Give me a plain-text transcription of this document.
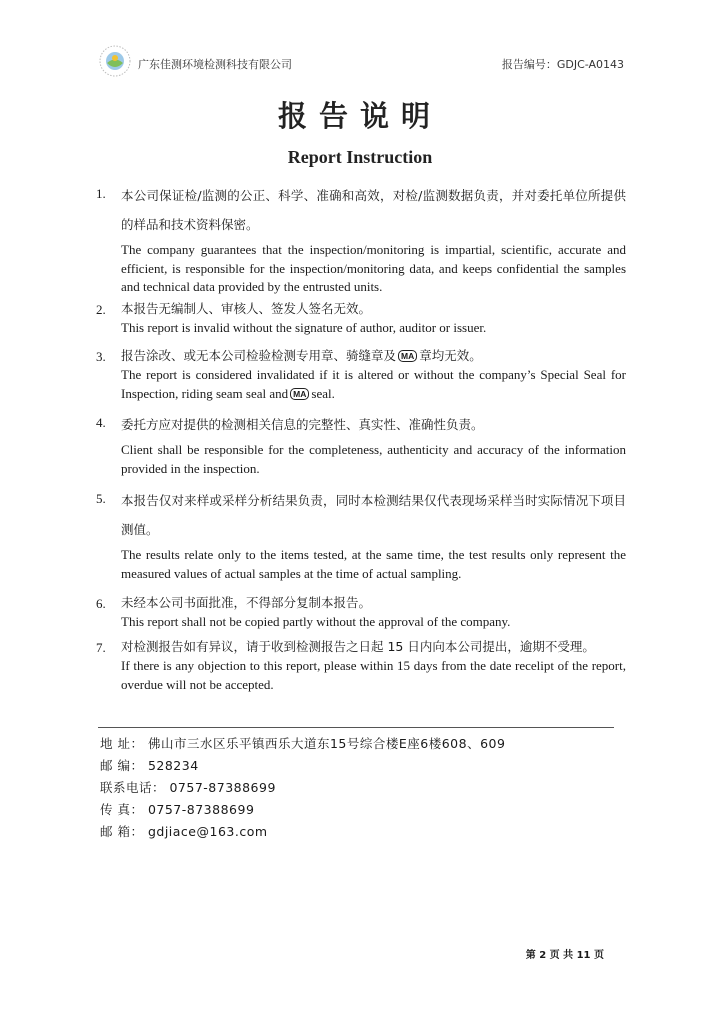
广东佳测环境检测科技有限公司	报告编号：GDJC-A0143
报告说明
Report Instruction
1. 本公司保证检/监测的公正、科学、准确和高效，对检/监测数据负责，并对委托单位所提供的样品和技术资料保密。
The company guarantees that the inspection/monitoring is impartial, scientific, accurate and efficient, is responsible for the inspection/monitoring data, and keeps confidential the samples and technical data provided by the entrusted units.
2. 本报告无编制人、审核人、签发人签名无效。
This report is invalid without the signature of author, auditor or issuer.
3. 报告涂改、或无本公司检验检测专用章、骑缝章及 MA 章均无效。
The report is considered invalidated if it is altered or without the company’s Special Seal for Inspection, riding seam seal and MA seal.
4. 委托方应对提供的检测相关信息的完整性、真实性、准确性负责。
Client shall be responsible for the completeness, authenticity and accuracy of the information provided in the inspection.
5. 本报告仅对来样或采样分析结果负责，同时本检测结果仅代表现场采样当时实际情况下项目测值。
The results relate only to the items tested, at the same time, the test results only represent the measured values of actual samples at the time of actual sampling.
6. 未经本公司书面批准，不得部分复制本报告。
This report shall not be copied partly without the approval of the company.
7. 对检测报告如有异议，请于收到检测报告之日起 15 日内向本公司提出，逾期不受理。
If there is any objection to this report, please within 15 days from the date recelipt of the report, overdue will not be accepted.
地 址： 佛山市三水区乐平镇西乐大道东15号综合楼E座6楼608、609
邮 编： 528234
联系电话： 0757-87388699
传 真： 0757-87388699
邮 箱： gdjiace@163.com
第 2 页 共 11 页
